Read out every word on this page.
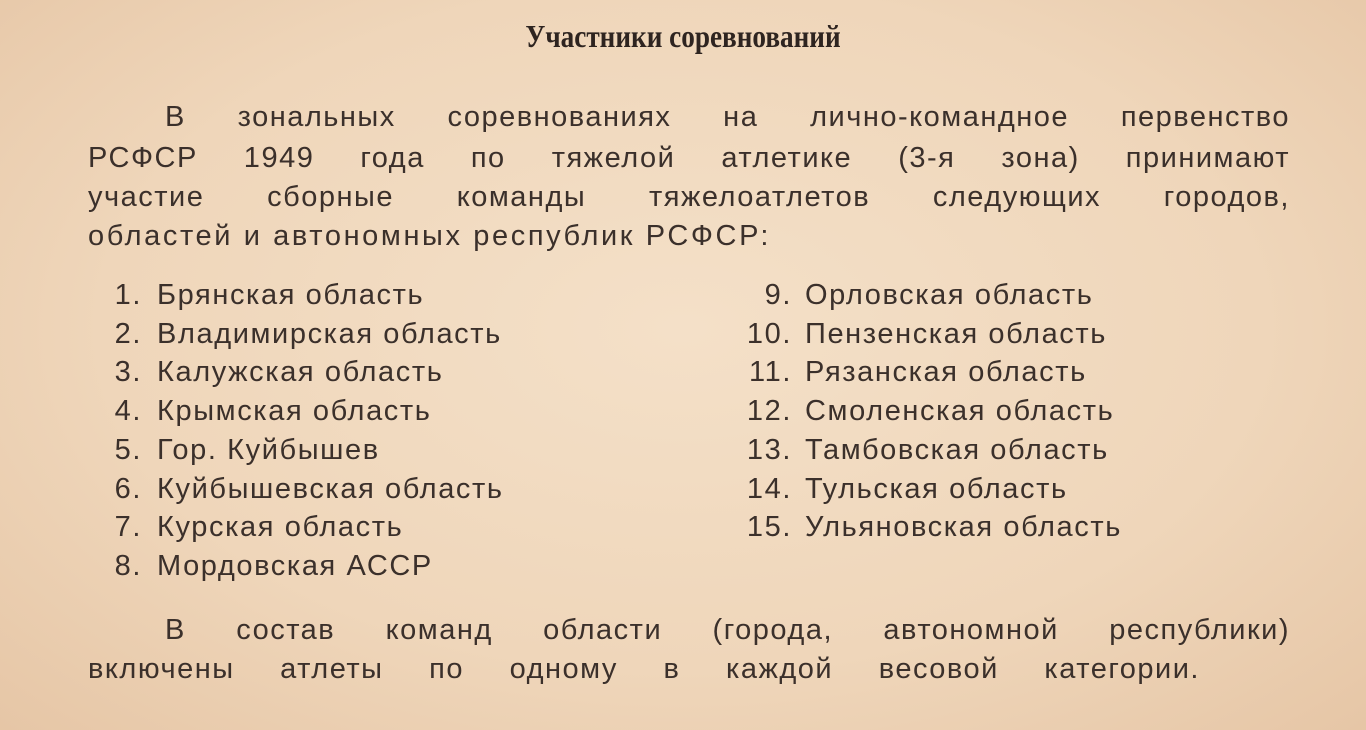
Участники соревнований
В зональных соревнованиях на лично-командное первенство
РСФСР 1949 года по тяжелой атлетике (3-я зона) принимают
участие сборные команды тяжелоатлетов следующих городов,
областей и автономных республик РСФСР:
1. Брянская область
2. Владимирская область
3. Калужская область
4. Крымская область
5. Гор. Куйбышев
6. Куйбышевская область
7. Курская область
8. Мордовская АССР
9. Орловская область
10. Пензенская область
11. Рязанская область
12. Смоленская область
13. Тамбовская область
14. Тульская область
15. Ульяновская область
В состав команд области (города, автономной республики)
включены атлеты по одному в каждой весовой категории.
